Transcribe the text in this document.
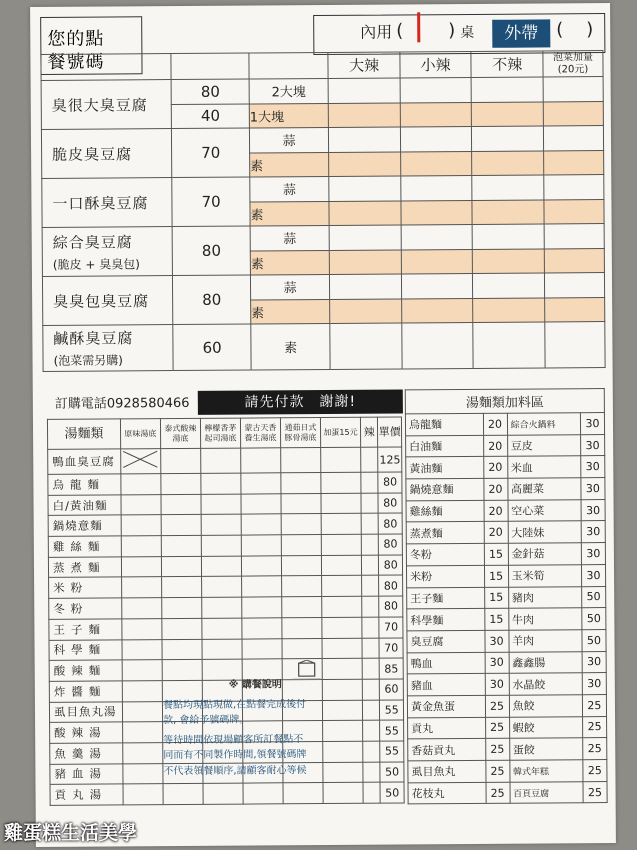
您的點
餐號碼
內用 ( ) 桌	外帶 ( )
			大辣	小辣	不辣	泡菜加量
(20元)

臭很大臭豆腐	80	2大塊				
	40	1大塊				

脆皮臭豆腐	70	蒜				
		素				

一口酥臭豆腐	70	蒜				
		素				

綜合臭豆腐
(脆皮 + 臭臭包)	80	蒜				
		素				

臭臭包臭豆腐	80	蒜				
		素				

鹹酥臭豆腐
(泡菜需另購)	60	素				
訂購電話0928580466	請先付款　謝謝!
湯麵類	原味湯底	泰式酸辣湯底	檸檬香茅起司湯底	蒙古天香養生湯底	通茹日式豚骨湯底	加蛋15元	辣	單價
鴨血臭豆腐								125
烏龍麵								80
白/黃油麵								80
鍋燒意麵								80
雞絲麵								80
蒸煮麵								80
米粉								80
冬粉								80
王子麵								70
科學麵								70
酸辣麵								85
炸醬麵								60
虱目魚丸湯								55
酸辣湯								55
魚羹湯								55
豬血湯								50
貢丸湯								50
※ 購餐說明
餐點均現點現做,在點餐完成後付
款, 會給予號碼牌。
等待時間依現場顧客所訂餐點不
同而有不同製作時間,領餐號碼牌
不代表領餐順序,請顧客耐心等候
湯麵類加料區			
烏龍麵	20	綜合火鍋料	30
白油麵	20	豆皮	30
黃油麵	20	米血	30
鍋燒意麵	20	高麗菜	30
雞絲麵	20	空心菜	30
蒸煮麵	20	大陸妹	30
冬粉	15	金針菇	30
米粉	15	玉米筍	30
王子麵	15	豬肉	50
科學麵	15	牛肉	50
臭豆腐	30	羊肉	50
鴨血	30	鑫鑫腸	30
豬血	30	水晶餃	30
黃金魚蛋	25	魚餃	25
貢丸	25	蝦餃	25
香菇貢丸	25	蛋餃	25
虱目魚丸	25	韓式年糕	25
花枝丸	25	百頁豆腐	25
雞蛋糕生活美學
